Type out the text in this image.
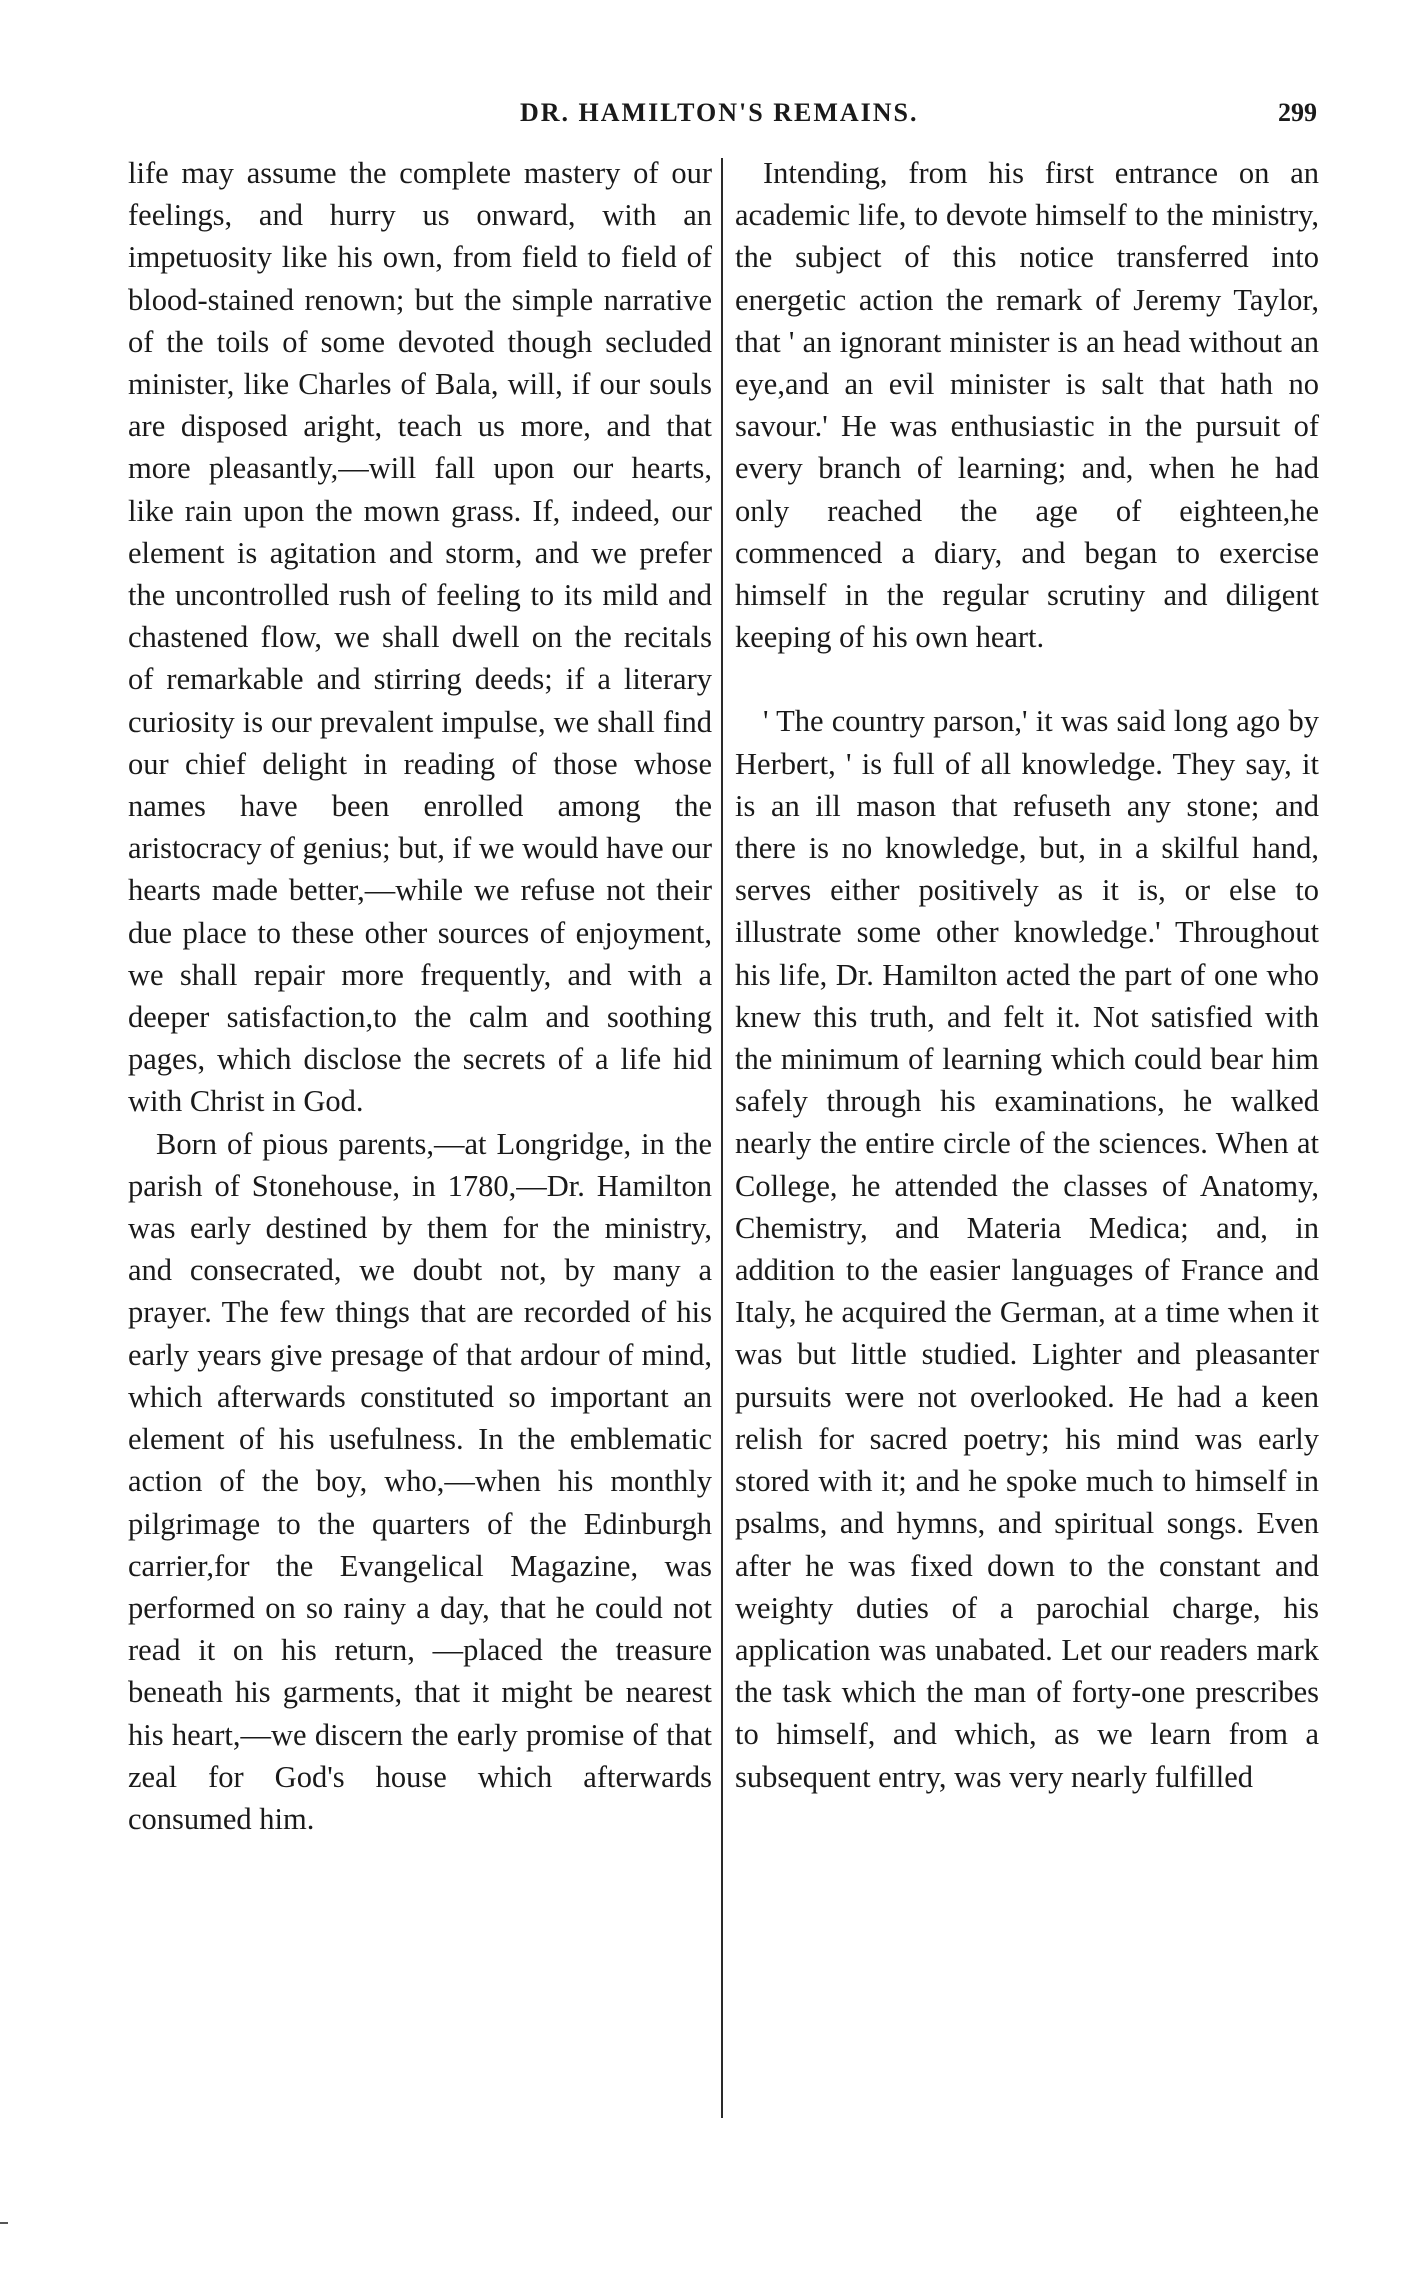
DR. HAMILTON'S REMAINS.	299

life may assume the complete mastery of our feelings, and hurry us onward, with an impetuosity like his own, from field to field of blood-stained renown; but the simple narrative of the toils of some devoted though secluded minister, like Charles of Bala, will, if our souls are disposed aright, teach us more, and that more pleasantly,—will fall upon our hearts, like rain upon the mown grass. If, indeed, our element is agitation and storm, and we prefer the uncontrolled rush of feeling to its mild and chastened flow, we shall dwell on the recitals of remarkable and stirring deeds; if a literary curiosity is our prevalent impulse, we shall find our chief delight in reading of those whose names have been enrolled among the aristocracy of genius; but, if we would have our hearts made better,—while we refuse not their due place to these other sources of enjoyment, we shall repair more frequently, and with a deeper satisfaction,to the calm and soothing pages, which disclose the secrets of a life hid with Christ in God.

Born of pious parents,—at Longridge, in the parish of Stonehouse, in 1780,—Dr. Hamilton was early destined by them for the ministry, and consecrated, we doubt not, by many a prayer. The few things that are recorded of his early years give presage of that ardour of mind, which afterwards constituted so important an element of his usefulness. In the emblematic action of the boy, who,—when his monthly pilgrimage to the quarters of the Edinburgh carrier,for the Evangelical Magazine, was performed on so rainy a day, that he could not read it on his return, —placed the treasure beneath his garments, that it might be nearest his heart,—we discern the early promise of that zeal for God's house which afterwards consumed him.

Intending, from his first entrance on an academic life, to devote himself to the ministry, the subject of this notice transferred into energetic action the remark of Jeremy Taylor, that ' an ignorant minister is an head without an eye,and an evil minister is salt that hath no savour.' He was enthusiastic in the pursuit of every branch of learning; and, when he had only reached the age of eighteen,he commenced a diary, and began to exercise himself in the regular scrutiny and diligent keeping of his own heart.

' The country parson,' it was said long ago by Herbert, ' is full of all knowledge. They say, it is an ill mason that refuseth any stone; and there is no knowledge, but, in a skilful hand, serves either positively as it is, or else to illustrate some other knowledge.' Throughout his life, Dr. Hamilton acted the part of one who knew this truth, and felt it. Not satisfied with the minimum of learning which could bear him safely through his examinations, he walked nearly the entire circle of the sciences. When at College, he attended the classes of Anatomy, Chemistry, and Materia Medica; and, in addition to the easier languages of France and Italy, he acquired the German, at a time when it was but little studied. Lighter and pleasanter pursuits were not overlooked. He had a keen relish for sacred poetry; his mind was early stored with it; and he spoke much to himself in psalms, and hymns, and spiritual songs. Even after he was fixed down to the constant and weighty duties of a parochial charge, his application was unabated. Let our readers mark the task which the man of forty-one prescribes to himself, and which, as we learn from a subsequent entry, was very nearly fulfilled
